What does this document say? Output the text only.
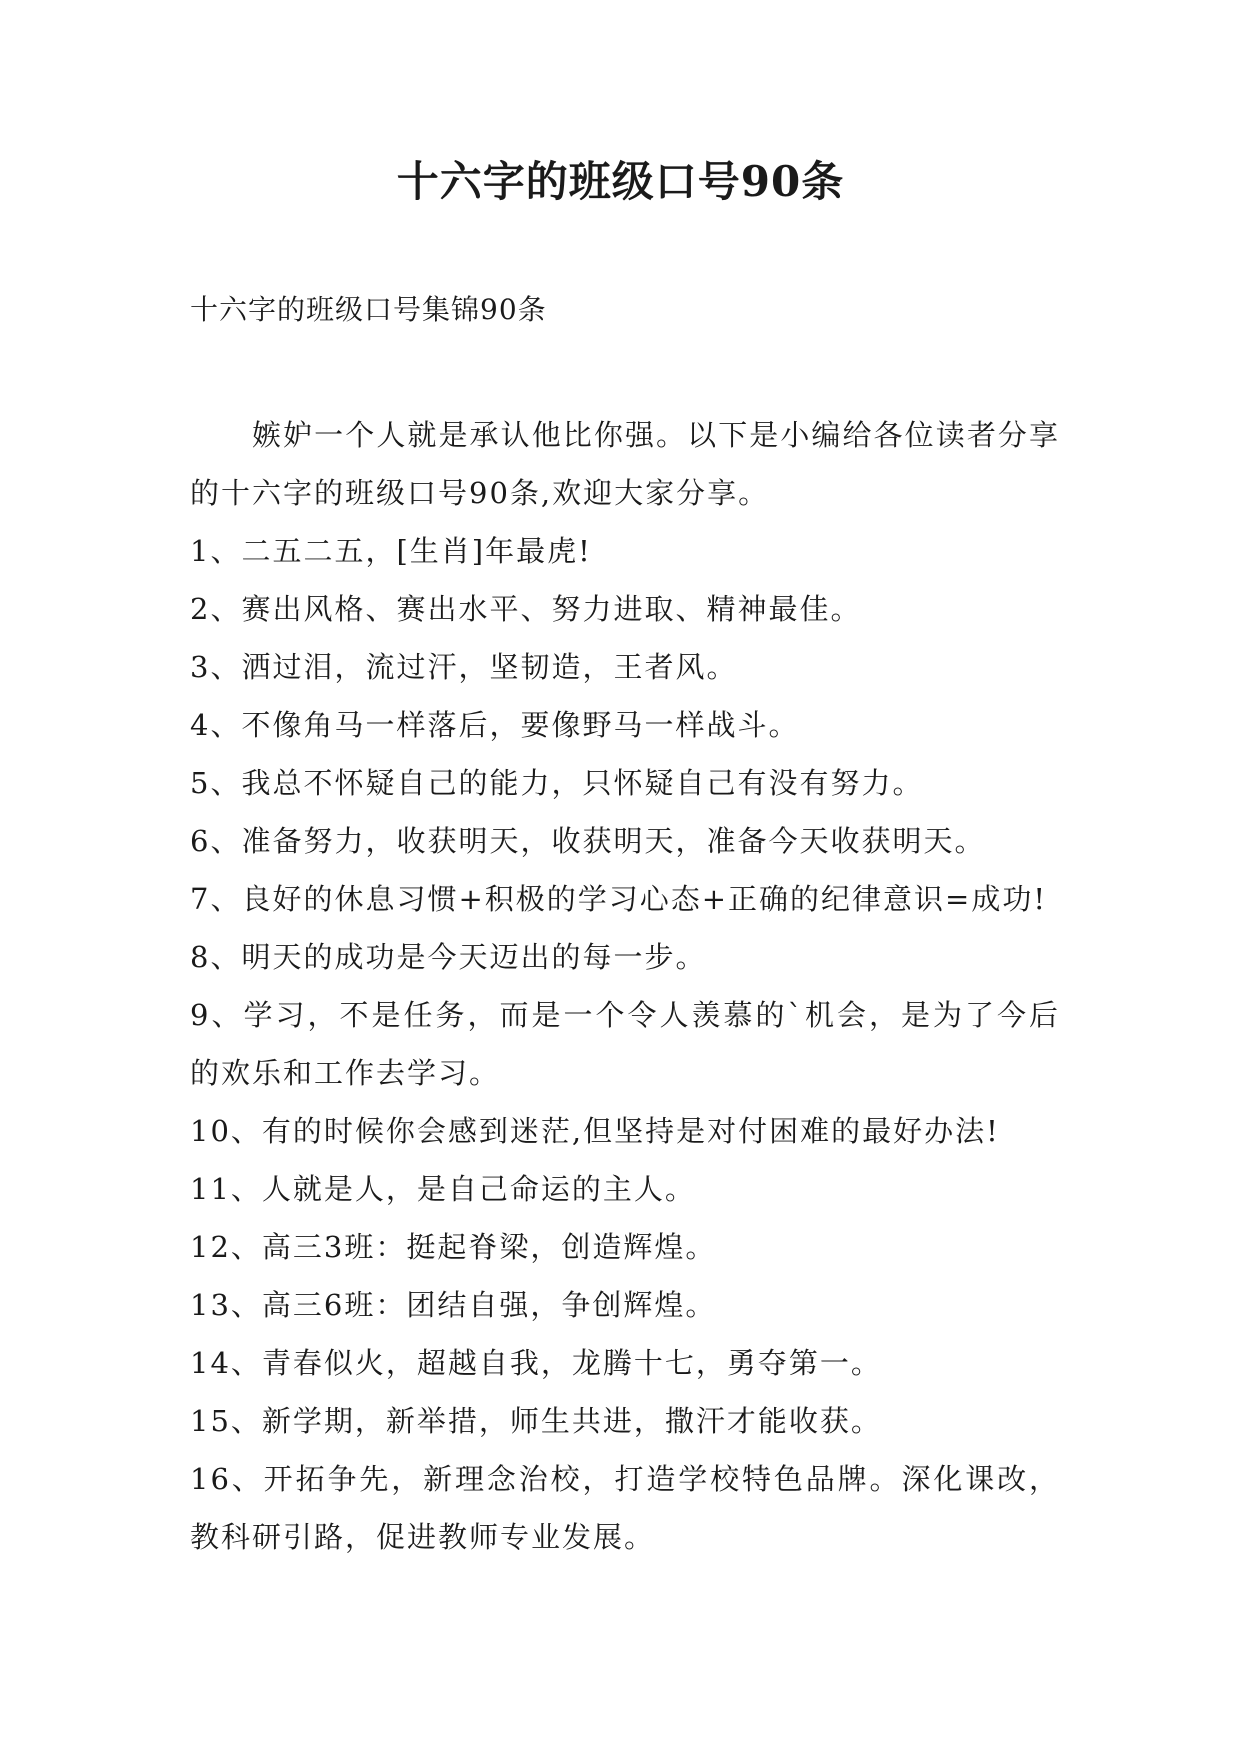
十六字的班级口号90条

十六字的班级口号集锦90条

嫉妒一个人就是承认他比你强。以下是小编给各位读者分享的十六字的班级口号90条,欢迎大家分享。

1、二五二五，[生肖]年最虎!

2、赛出风格、赛出水平、努力进取、精神最佳。

3、洒过泪，流过汗，坚韧造，王者风。

4、不像角马一样落后，要像野马一样战斗。

5、我总不怀疑自己的能力，只怀疑自己有没有努力。

6、准备努力，收获明天，收获明天，准备今天收获明天。

7、良好的休息习惯+积极的学习心态+正确的纪律意识=成功!

8、明天的成功是今天迈出的每一步。

9、学习，不是任务，而是一个令人羡慕的`机会，是为了今后的欢乐和工作去学习。

10、有的时候你会感到迷茫,但坚持是对付困难的最好办法!

11、人就是人，是自己命运的主人。

12、高三3班：挺起脊梁，创造辉煌。

13、高三6班：团结自强，争创辉煌。

14、青春似火，超越自我，龙腾十七，勇夺第一。

15、新学期，新举措，师生共进，撒汗才能收获。

16、开拓争先，新理念治校，打造学校特色品牌。深化课改，教科研引路，促进教师专业发展。
